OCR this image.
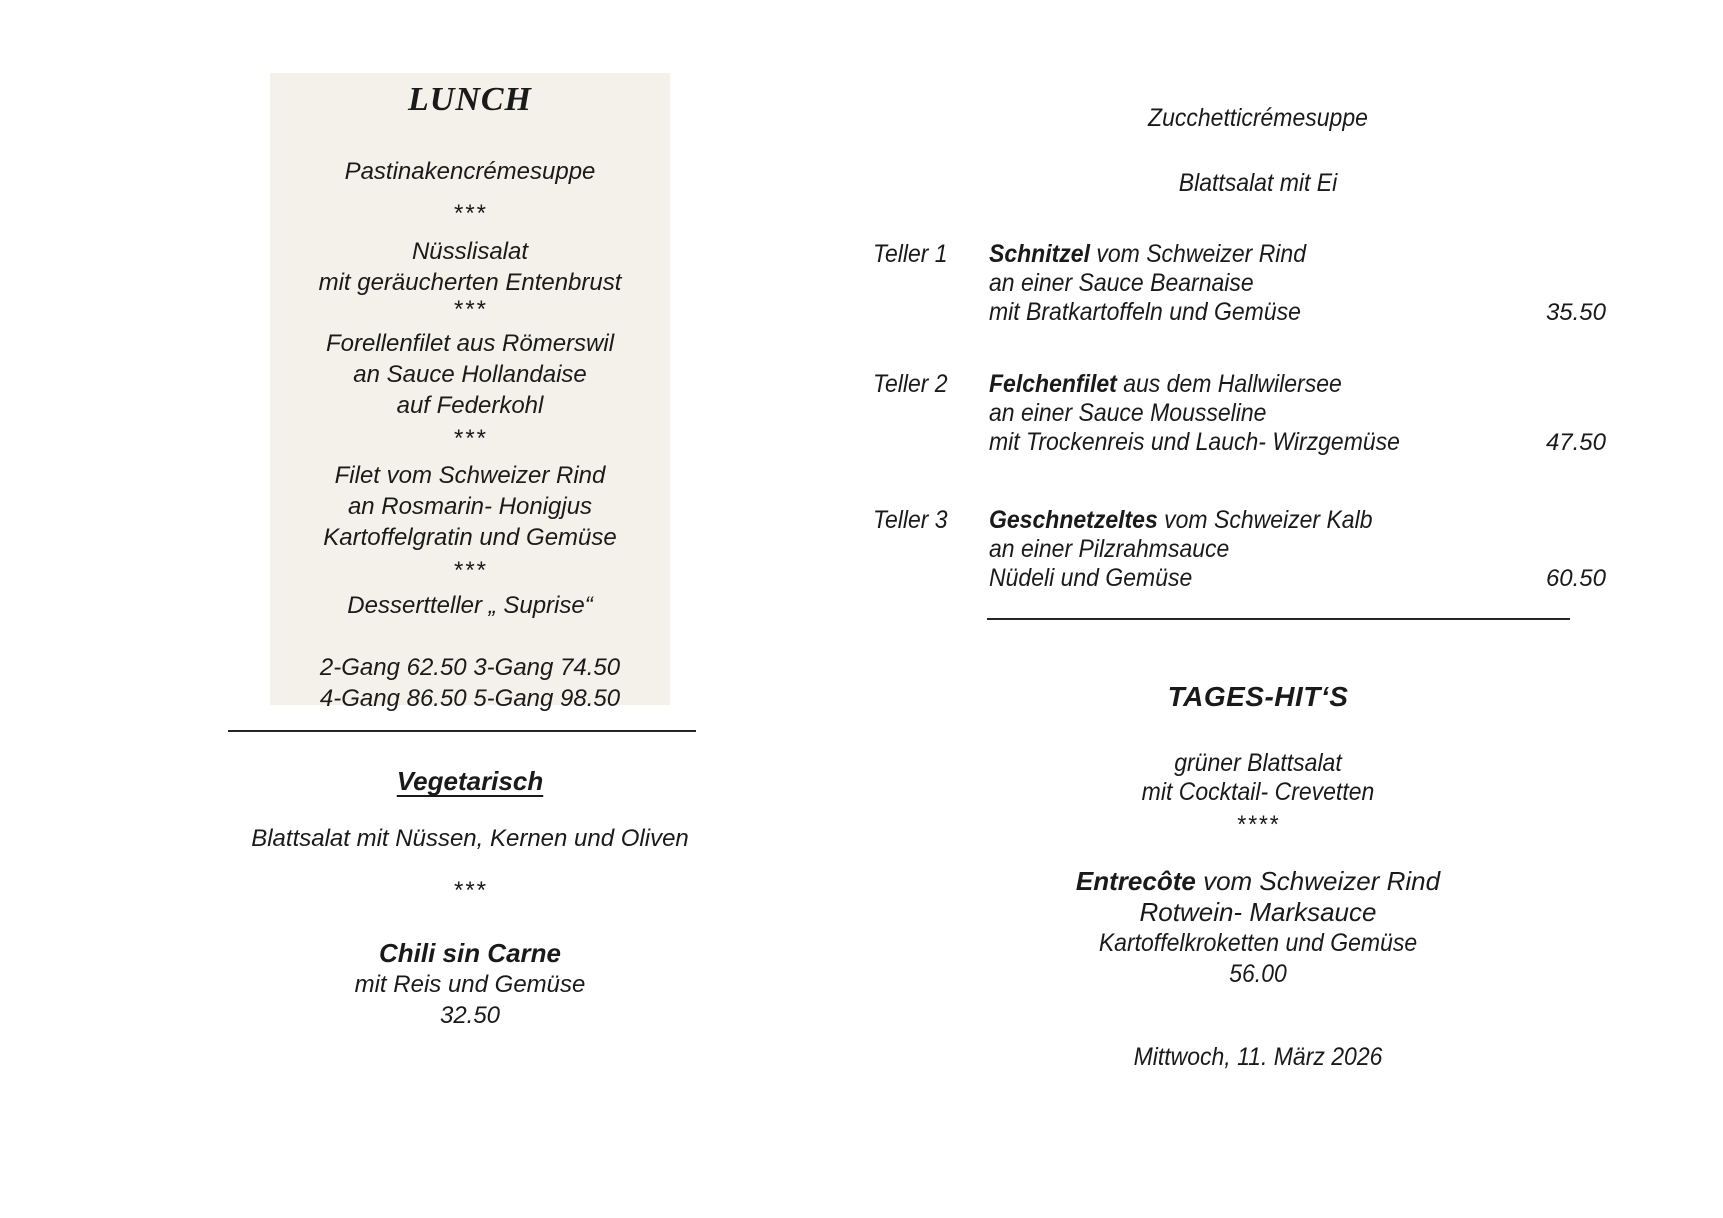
LUNCH
Pastinakencrémesuppe
***
Nüsslisalat
mit geräucherten Entenbrust
***
Forellenfilet aus Römerswil
an Sauce Hollandaise
auf Federkohl
***
Filet vom Schweizer Rind
an Rosmarin- Honigjus
Kartoffelgratin und Gemüse
***
Dessertteller „ Suprise“
2-Gang 62.50 3-Gang 74.50
4-Gang 86.50 5-Gang 98.50
Vegetarisch
Blattsalat mit Nüssen, Kernen und Oliven
***
Chili sin Carne
mit Reis und Gemüse
32.50
Zucchetticrémesuppe
Blattsalat mit Ei
Teller 1 Schnitzel vom Schweizer Rind
an einer Sauce Bearnaise
mit Bratkartoffeln und Gemüse	35.50
Teller 2 Felchenfilet aus dem Hallwilersee
an einer Sauce Mousseline
mit Trockenreis und Lauch- Wirzgemüse	47.50
Teller 3 Geschnetzeltes vom Schweizer Kalb
an einer Pilzrahmsauce
Nüdeli und Gemüse	60.50
TAGES-HIT‘S
grüner Blattsalat
mit Cocktail- Crevetten
****
Entrecôte vom Schweizer Rind
Rotwein- Marksauce
Kartoffelkroketten und Gemüse
56.00
Mittwoch, 11. März 2026
